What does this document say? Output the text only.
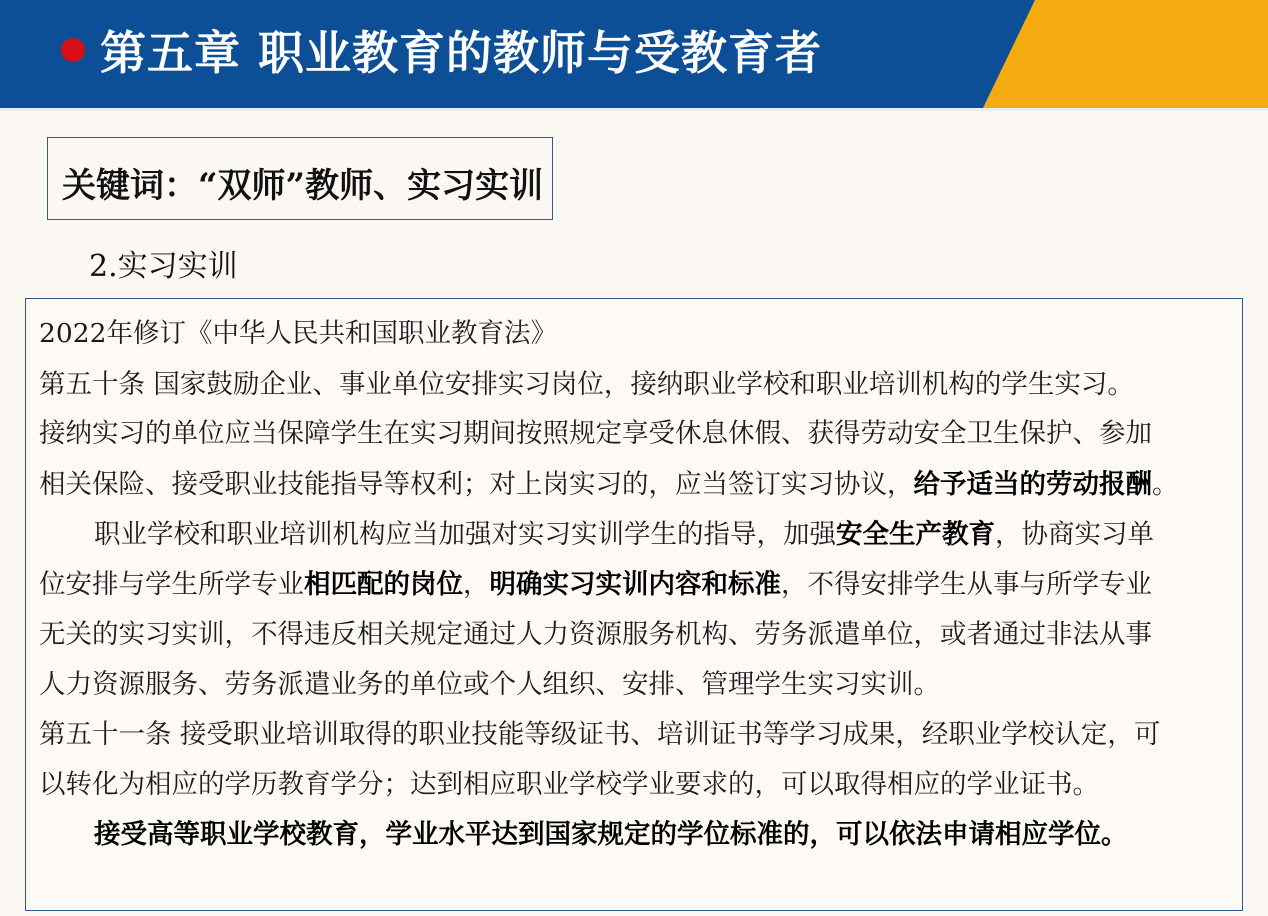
第五章 职业教育的教师与受教育者
关键词：“双师”教师、实习实训
2.实习实训
2022年修订《中华人民共和国职业教育法》
第五十条 国家鼓励企业、事业单位安排实习岗位，接纳职业学校和职业培训机构的学生实习。
接纳实习的单位应当保障学生在实习期间按照规定享受休息休假、获得劳动安全卫生保护、参加
相关保险、接受职业技能指导等权利；对上岗实习的，应当签订实习协议，给予适当的劳动报酬。
职业学校和职业培训机构应当加强对实习实训学生的指导，加强安全生产教育，协商实习单
位安排与学生所学专业相匹配的岗位，明确实习实训内容和标准，不得安排学生从事与所学专业
无关的实习实训，不得违反相关规定通过人力资源服务机构、劳务派遣单位，或者通过非法从事
人力资源服务、劳务派遣业务的单位或个人组织、安排、管理学生实习实训。
第五十一条 接受职业培训取得的职业技能等级证书、培训证书等学习成果，经职业学校认定，可
以转化为相应的学历教育学分；达到相应职业学校学业要求的，可以取得相应的学业证书。
接受高等职业学校教育，学业水平达到国家规定的学位标准的，可以依法申请相应学位。
